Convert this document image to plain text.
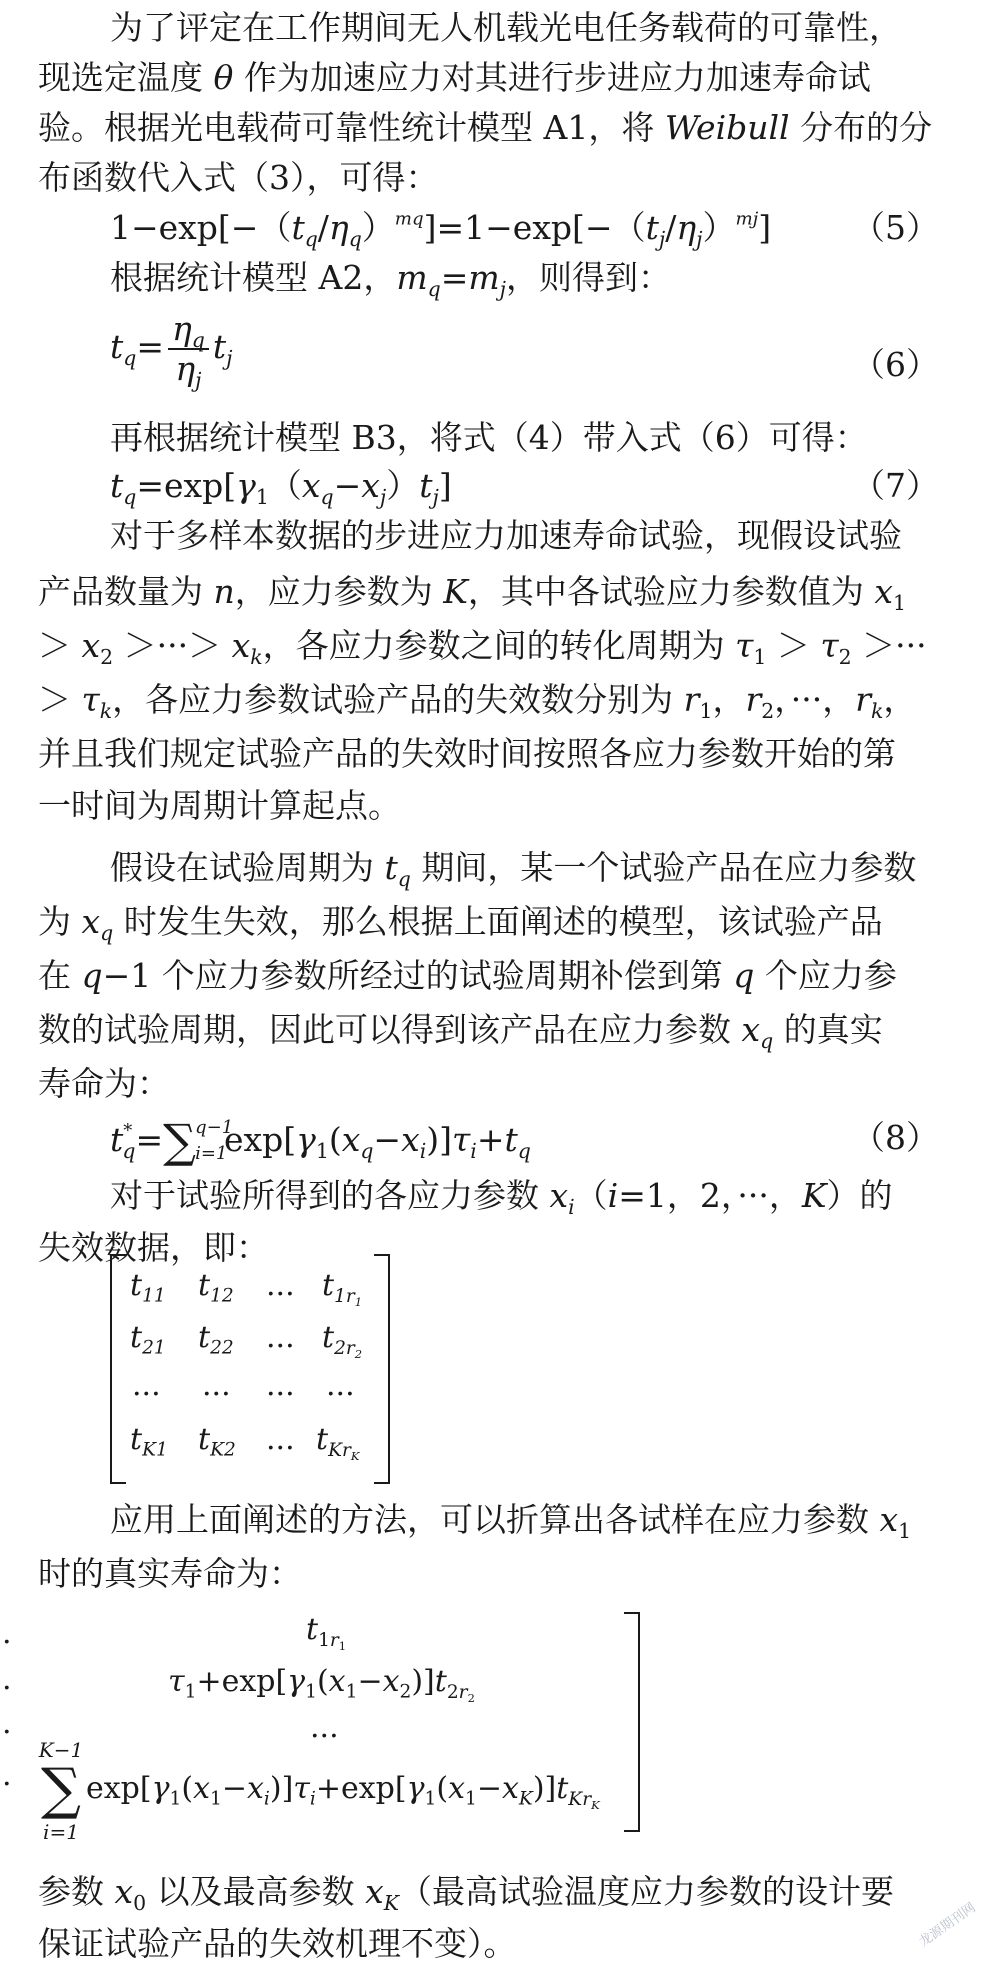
为了评定在工作期间无人机载光电任务载荷的可靠性，
现选定温度 θ 作为加速应力对其进行步进应力加速寿命试
验。根据光电载荷可靠性统计模型 A1，将 Weibull 分布的分
布函数代入式（3），可得：
$1-\exp[-(t_q/\eta_q)^{mq}]=1-\exp[-(t_j/\eta_j)^{mj}]$ （5）
根据统计模型 A2，$m_q=m_j$，则得到：
$t_q= \frac{\eta_q}{\eta_j} t_j$	（6）
再根据统计模型 B3，将式（4）带入式（6）可得：
$t_q=\exp[\gamma_1(x_q-x_j)t_j]$	（7）
对于多样本数据的步进应力加速寿命试验，现假设试验
产品数量为 n，应力参数为 K，其中各试验应力参数值为 $x_1$
＞ $x_2$ ＞···＞ $x_k$，各应力参数之间的转化周期为 $\tau_1 > \tau_2$ ＞···
＞ $\tau_k$，各应力参数试验产品的失效数分别为 $r_1$，$r_2$，···，$r_k$，
并且我们规定试验产品的失效时间按照各应力参数开始的第
一时间为周期计算起点。
假设在试验周期为 $t_q$ 期间，某一个试验产品在应力参数
为 $x_q$ 时发生失效，那么根据上面阐述的模型，该试验产品
在 q−1 个应力参数所经过的试验周期补偿到第 q 个应力参
数的试验周期，因此可以得到该产品在应力参数 $x_q$ 的真实
寿命为：
$t^*_q=\sum$ q−1
i=1
$\exp[\gamma_1(x_q-x_i)]\tau_i+t_q$	（8）
对于试验所得到的各应力参数 $x_i(i=1$，2，···，K）的
失效数据，即：
$t_{11}$ $t_{12}$ ... $t_{1r_1}$
$t_{21}$ $t_{22}$ ... $t_{2r_2}$
... ... ... ...
$t_{K1}$ $t_{K2}$ ... $t_{Kr_K}$
应用上面阐述的方法，可以折算出各试样在应力参数 $x_1$
时的真实寿命为：
.
.
.
.
$t_{1r_1}$
$\tau_1+\exp[\gamma_1(x_1-x_2)]t_{2r_2}$
...
K−1
∑
i=1
$\exp[\gamma_1(x_1-x_i)]\tau_i+\exp[\gamma_1(x_1-x_K)]t_{Kr_K}$
参数 $x_0$ 以及最高参数 $x_K$（最高试验温度应力参数的设计要
保证试验产品的失效机理不变）。	龙源期刊网
